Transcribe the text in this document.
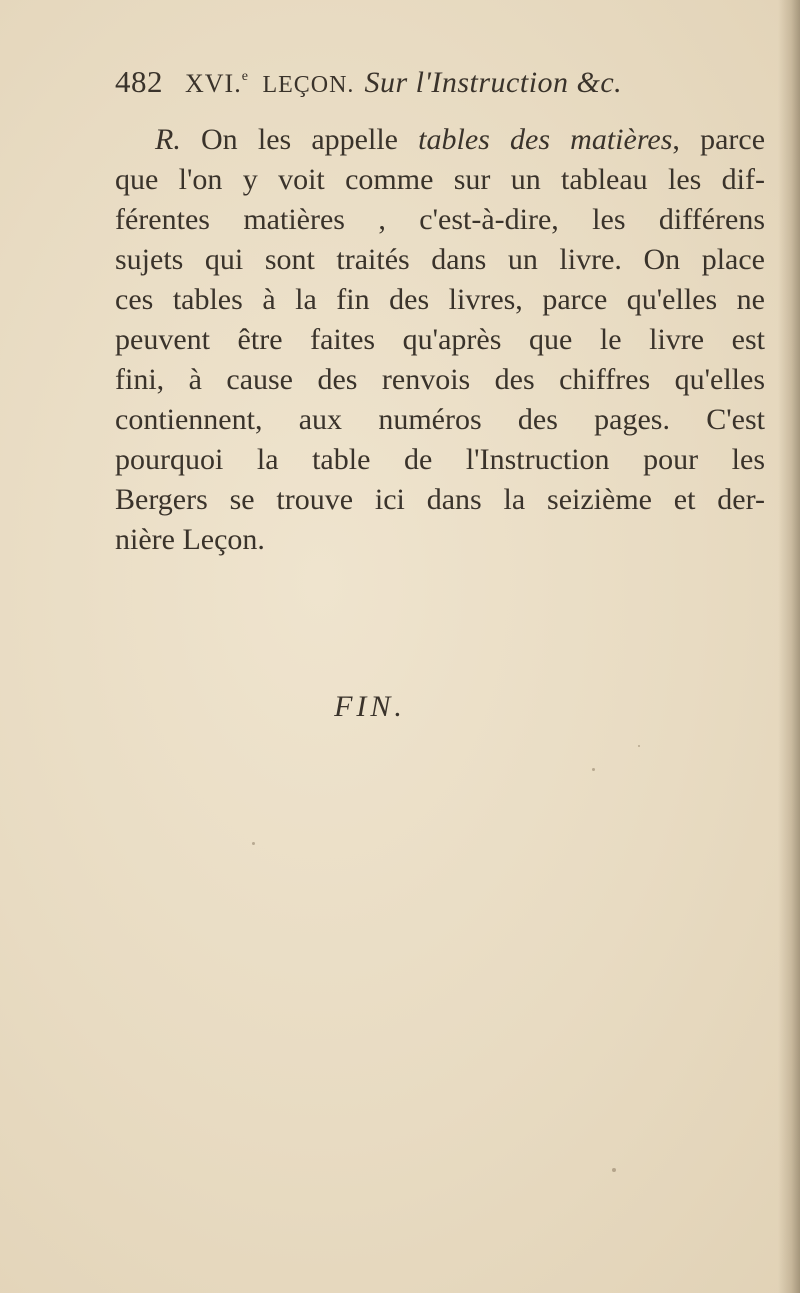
482 XVI.$^e$ LEÇON. Sur l'Instruction &c.
R. On les appelle tables des matières, parce
que l'on y voit comme sur un tableau les dif-
férentes matières , c'est-à-dire, les différens
sujets qui sont traités dans un livre. On place
ces tables à la fin des livres, parce qu'elles ne
peuvent être faites qu'après que le livre est
fini, à cause des renvois des chiffres qu'elles
contiennent, aux numéros des pages. C'est
pourquoi la table de l'Instruction pour les
Bergers se trouve ici dans la seizième et der-
nière Leçon.
FIN.
